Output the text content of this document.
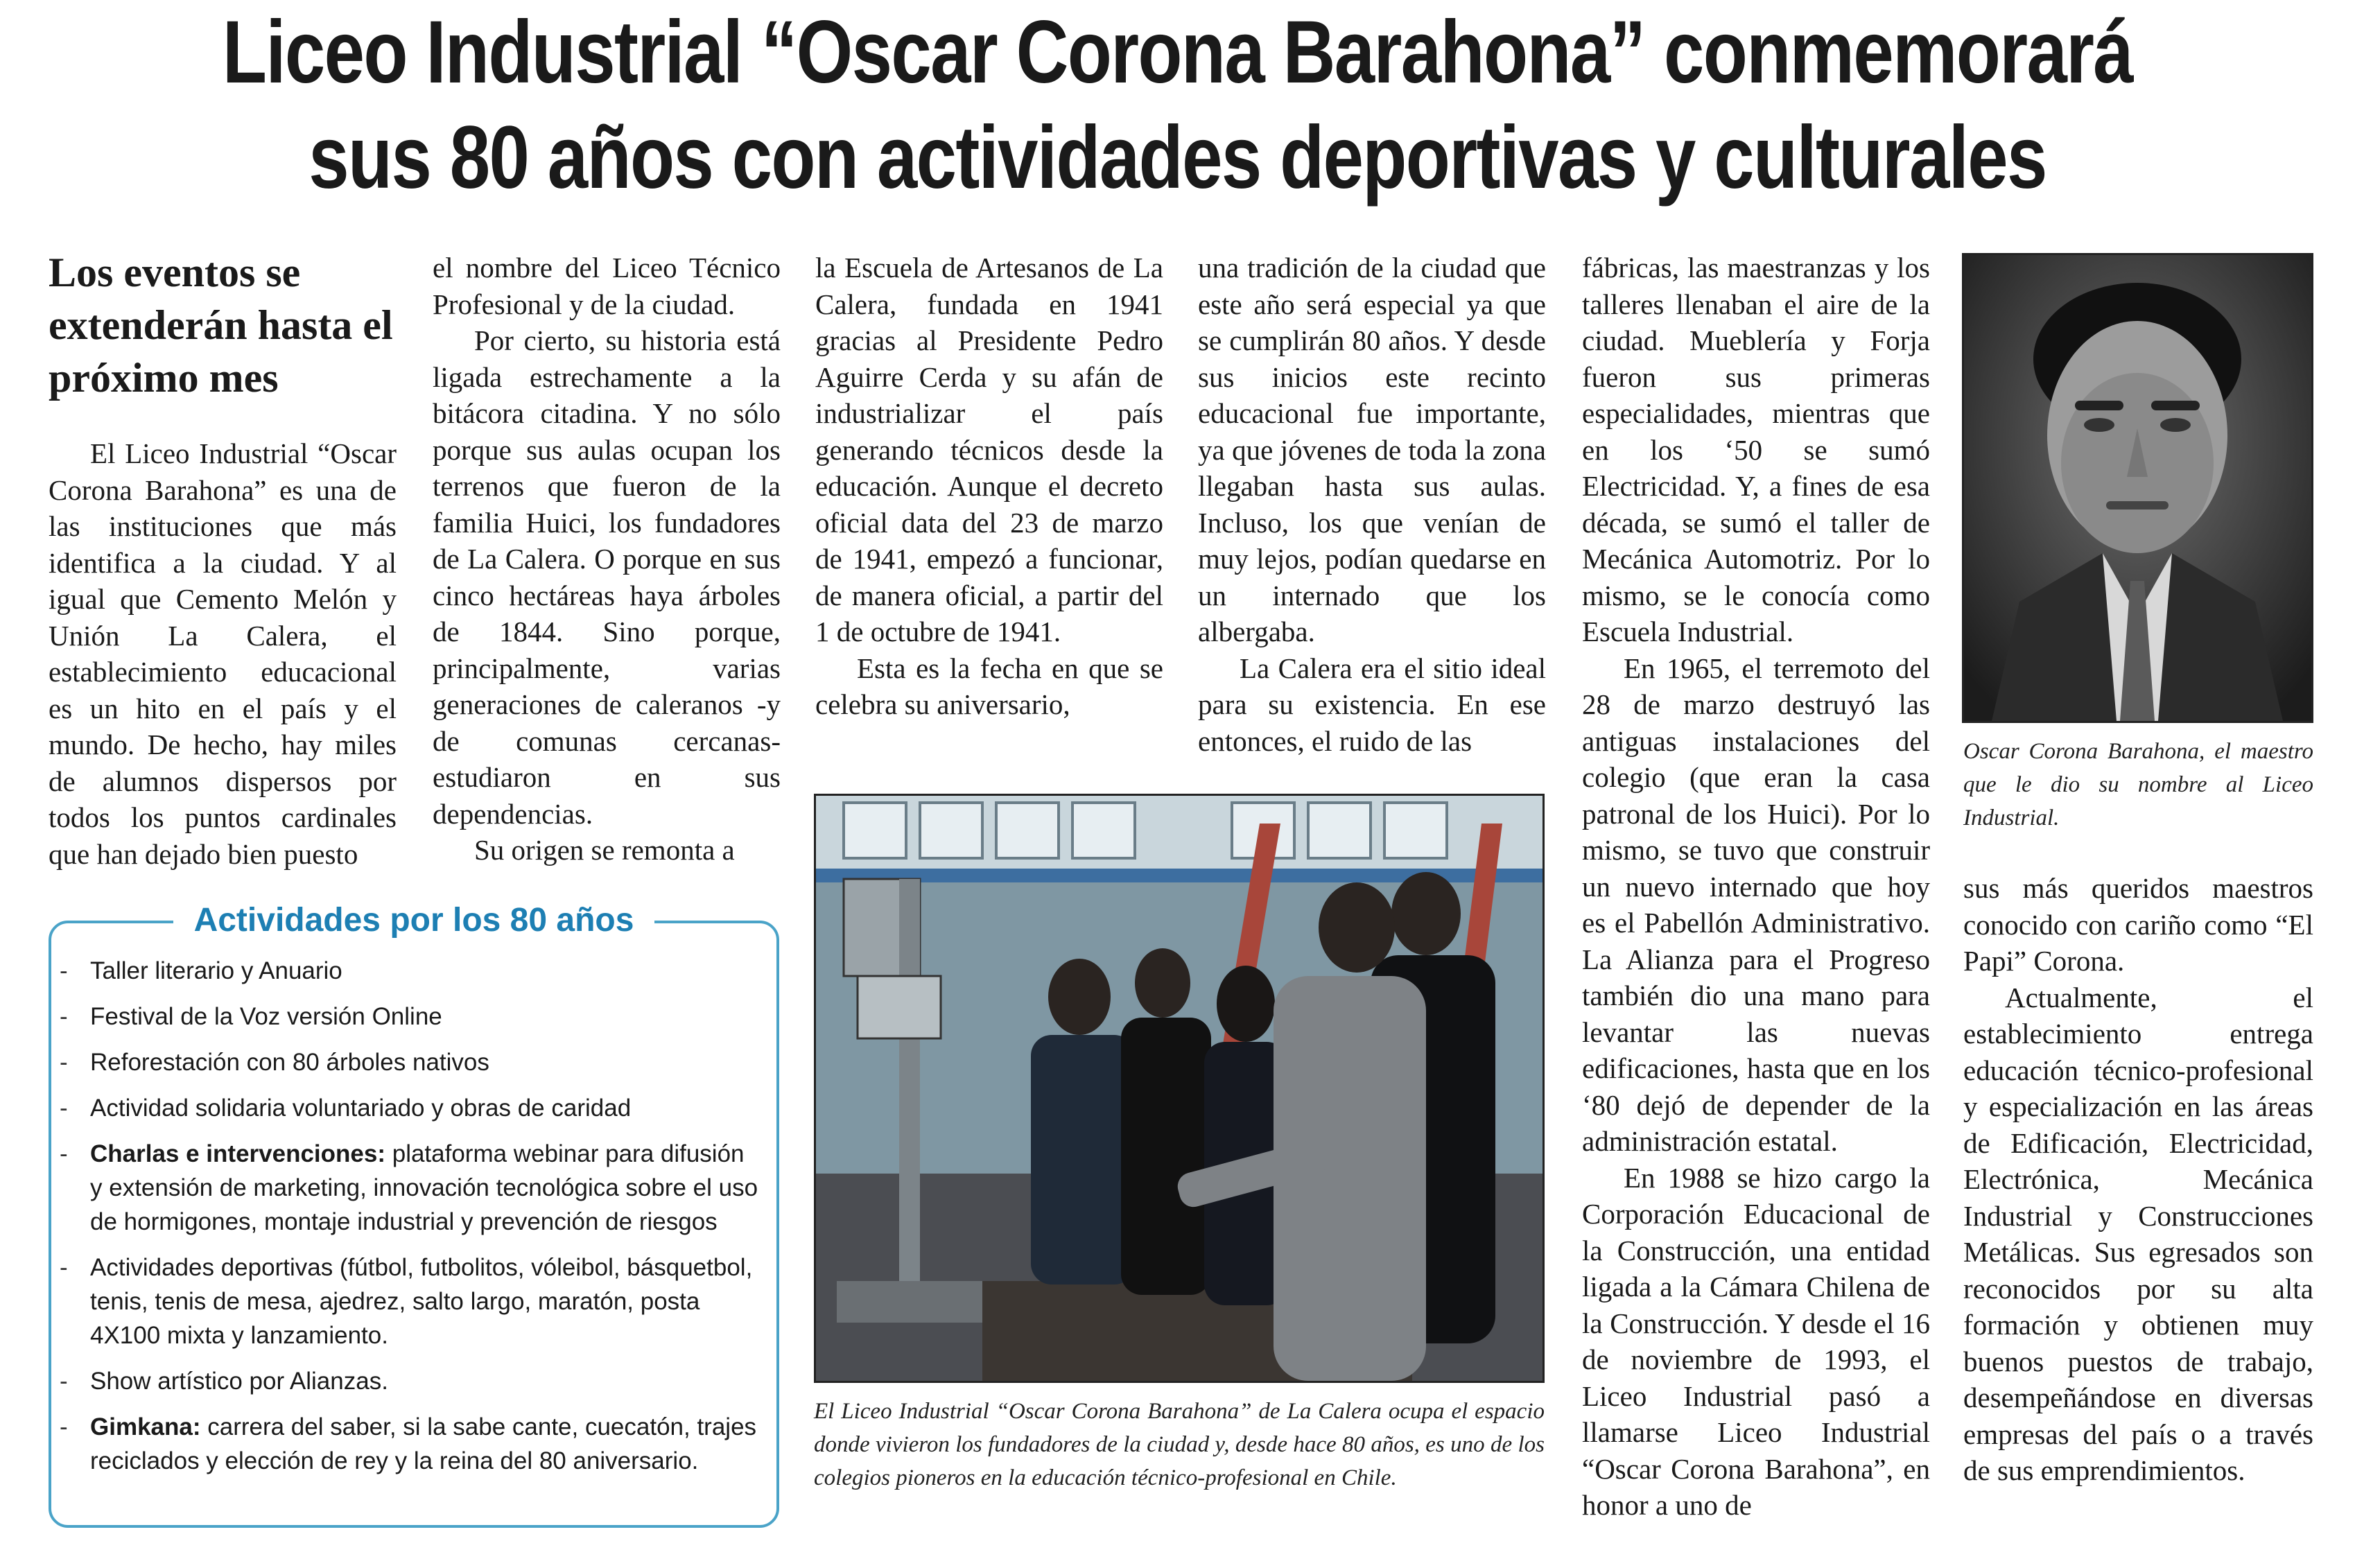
Liceo Industrial “Oscar Corona Barahona” conmemorará
sus 80 años con actividades deportivas y culturales
Los eventos se extenderán hasta el próximo mes

El Liceo Industrial “Oscar Corona Barahona” es una de las instituciones que más identifica a la ciudad. Y al igual que Cemento Melón y Unión La Calera, el establecimiento educacional es un hito en el país y el mundo. De hecho, hay miles de alumnos dispersos por todos los puntos cardinales que han dejado bien puesto

el nombre del Liceo Técnico Profesional y de la ciudad.

Por cierto, su historia está ligada estrechamente a la bitácora citadina. Y no sólo porque sus aulas ocupan los terrenos que fueron de la familia Huici, los fundadores de La Calera. O porque en sus cinco hectáreas haya árboles de 1844. Sino porque, principalmente, varias generaciones de caleranos -y de comunas cercanas- estudiaron en sus dependencias.

Su origen se remonta a

la Escuela de Artesanos de La Calera, fundada en 1941 gracias al Presidente Pedro Aguirre Cerda y su afán de industrializar el país generando técnicos desde la educación. Aunque el decreto oficial data del 23 de marzo de 1941, empezó a funcionar, de manera oficial, a partir del 1 de octubre de 1941.

Esta es la fecha en que se celebra su aniversario,

una tradición de la ciudad que este año será especial ya que se cumplirán 80 años. Y desde sus inicios este recinto educacional fue importante, ya que jóvenes de toda la zona llegaban hasta sus aulas. Incluso, los que venían de muy lejos, podían quedarse en un internado que los albergaba.

La Calera era el sitio ideal para su existencia. En ese entonces, el ruido de las

fábricas, las maestranzas y los talleres llenaban el aire de la ciudad. Mueblería y Forja fueron sus primeras especialidades, mientras que en los ‘50 se sumó Electricidad. Y, a fines de esa década, se sumó el taller de Mecánica Automotriz. Por lo mismo, se le conocía como Escuela Industrial.

En 1965, el terremoto del 28 de marzo destruyó las antiguas instalaciones del colegio (que eran la casa patronal de los Huici). Por lo mismo, se tuvo que construir un nuevo internado que hoy es el Pabellón Administrativo. La Alianza para el Progreso también dio una mano para levantar las nuevas edificaciones, hasta que en los ‘80 dejó de depender de la administración estatal.

En 1988 se hizo cargo la Corporación Educacional de la Construcción, una entidad ligada a la Cámara Chilena de la Construcción. Y desde el 16 de noviembre de 1993, el Liceo Industrial pasó a llamarse Liceo Industrial “Oscar Corona Barahona”, en honor a uno de

sus más queridos maestros conocido con cariño como “El Papi” Corona.

Actualmente, el establecimiento entrega educación técnico-profesional y especialización en las áreas de Edificación, Electricidad, Electrónica, Mecánica Industrial y Construcciones Metálicas. Sus egresados son reconocidos por su alta formación y obtienen muy buenos puestos de trabajo, desempeñándose en diversas empresas del país o a través de sus emprendimientos.

Actividades por los 80 años
- Taller literario y Anuario
- Festival de la Voz versión Online
- Reforestación con 80 árboles nativos
- Actividad solidaria voluntariado y obras de caridad
- Charlas e intervenciones: plataforma webinar para difusión y extensión de marketing, innovación tecnológica sobre el uso de hormigones, montaje industrial y prevención de riesgos
- Actividades deportivas (fútbol, futbolitos, vóleibol, básquetbol, tenis, tenis de mesa, ajedrez, salto largo, maratón, posta 4X100 mixta y lanzamiento.
- Show artístico por Alianzas.
- Gimkana: carrera del saber, si la sabe cante, cuecatón, trajes reciclados y elección de rey y la reina del 80 aniversario.
El Liceo Industrial “Oscar Corona Barahona” de La Calera ocupa el espacio donde vivieron los fundadores de la ciudad y, desde hace 80 años, es uno de los colegios pioneros en la educación técnico-profesional en Chile.
Oscar Corona Barahona, el maestro que le dio su nombre al Liceo Industrial.
